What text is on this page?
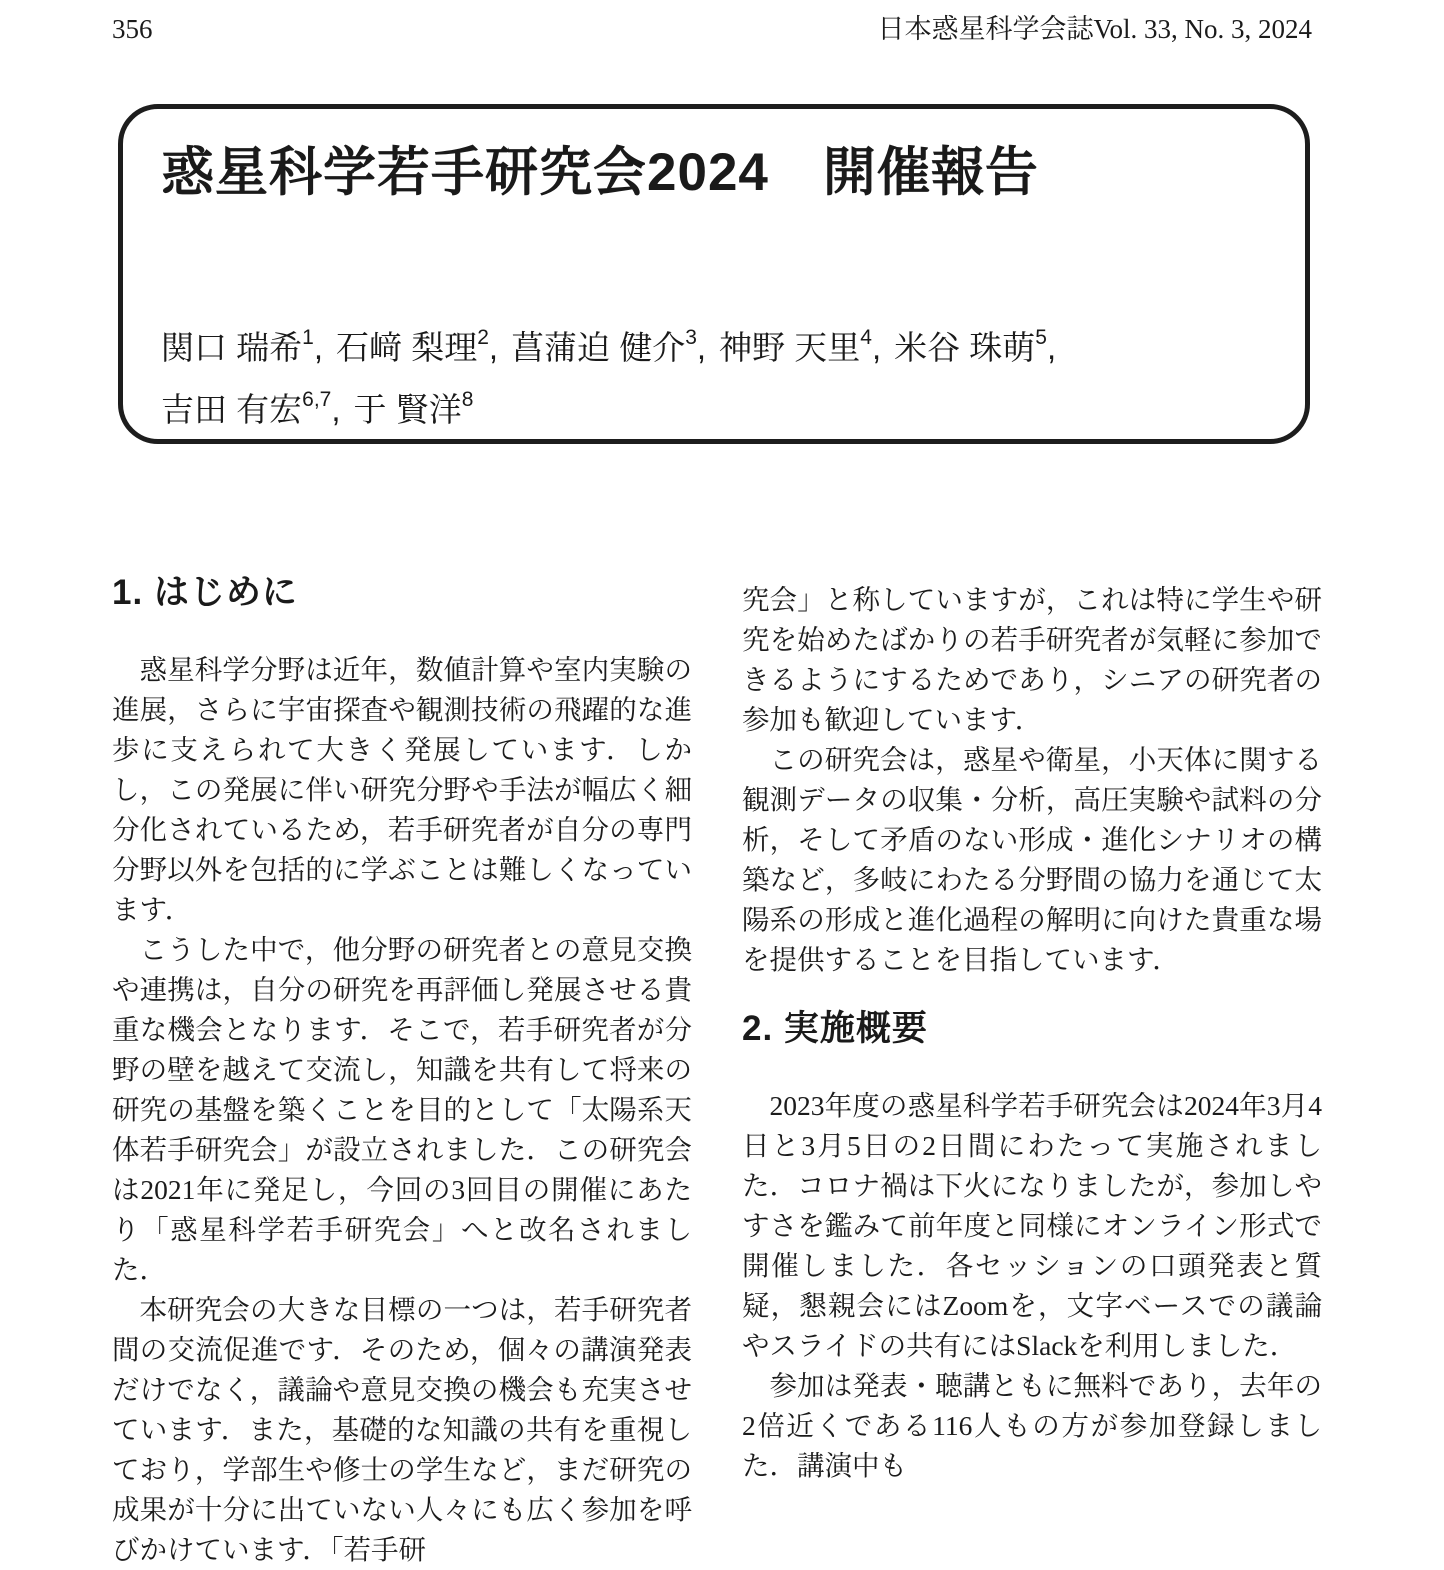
356	日本惑星科学会誌Vol. 33, No. 3, 2024
惑星科学若手研究会2024　開催報告
関口 瑞希$^1$, 石﨑 梨理$^2$, 菖蒲迫 健介$^3$, 神野 天里$^4$, 米谷 珠萌$^5$,
吉田 有宏$^{6,7}$, 于 賢洋$^8$
1. はじめに

惑星科学分野は近年，数値計算や室内実験の進展，さらに宇宙探査や観測技術の飛躍的な進歩に支えられて大きく発展しています．しかし，この発展に伴い研究分野や手法が幅広く細分化されているため，若手研究者が自分の専門分野以外を包括的に学ぶことは難しくなっています．

こうした中で，他分野の研究者との意見交換や連携は，自分の研究を再評価し発展させる貴重な機会となります．そこで，若手研究者が分野の壁を越えて交流し，知識を共有して将来の研究の基盤を築くことを目的として「太陽系天体若手研究会」が設立されました．この研究会は2021年に発足し，今回の3回目の開催にあたり「惑星科学若手研究会」へと改名されました．

本研究会の大きな目標の一つは，若手研究者間の交流促進です．そのため，個々の講演発表だけでなく，議論や意見交換の機会も充実させています．また，基礎的な知識の共有を重視しており，学部生や修士の学生など，まだ研究の成果が十分に出ていない人々にも広く参加を呼びかけています．「若手研

究会」と称していますが，これは特に学生や研究を始めたばかりの若手研究者が気軽に参加できるようにするためであり，シニアの研究者の参加も歓迎しています．

この研究会は，惑星や衛星，小天体に関する観測データの収集・分析，高圧実験や試料の分析，そして矛盾のない形成・進化シナリオの構築など，多岐にわたる分野間の協力を通じて太陽系の形成と進化過程の解明に向けた貴重な場を提供することを目指しています．

2. 実施概要

2023年度の惑星科学若手研究会は2024年3月4日と3月5日の2日間にわたって実施されました．コロナ禍は下火になりましたが，参加しやすさを鑑みて前年度と同様にオンライン形式で開催しました．各セッションの口頭発表と質疑，懇親会にはZoomを，文字ベースでの議論やスライドの共有にはSlackを利用しました．

参加は発表・聴講ともに無料であり，去年の2倍近くである116人もの方が参加登録しました．講演中も
